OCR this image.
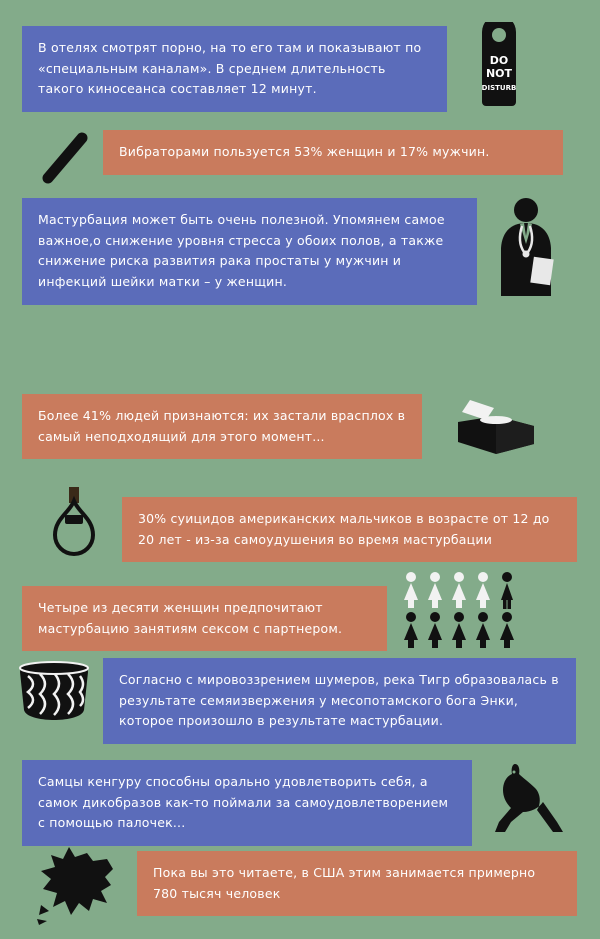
В отелях смотрят порно, на то его там и показывают по «специальным каналам». В среднем длительность такого киносеанса составляет 12 минут.
DO
NOT
DISTURB
Вибраторами пользуется 53% женщин и 17% мужчин.
Мастурбация может быть очень полезной. Упомянем самое важное,о снижение уровня стресса у обоих полов, а также снижение риска развития рака простаты у мужчин и инфекций шейки матки – у женщин.
Более 41% людей признаются: их застали врасплох в самый неподходящий для этого момент...
30% суицидов американских мальчиков в возрасте от 12 до 20 лет - из-за самоудушения во время мастурбации
Четыре из десяти женщин предпочитают мастурбацию занятиям сексом с партнером.
Согласно с мировоззрением шумеров, река Тигр образовалась в результате семяизвержения у месопотамского бога Энки, которое произошло в результате мастурбации.
Самцы кенгуру способны орально удовлетворить себя, а самок дикобразов как-то поймали за самоудовлетворением с помощью палочек...
Пока вы это читаете, в США этим занимается примерно 780 тысяч человек
